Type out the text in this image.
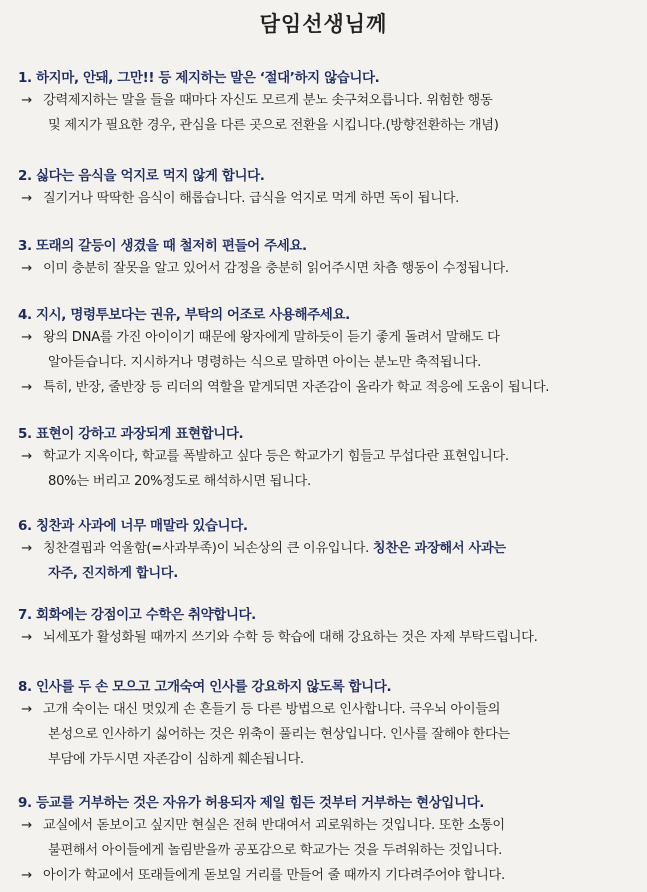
담임선생님께
1. 하지마, 안돼, 그만!! 등 제지하는 말은 ‘절대’하지 않습니다.
→ 강력제지하는 말을 들을 때마다 자신도 모르게 분노 솟구쳐오릅니다. 위험한 행동
및 제지가 필요한 경우, 관심을 다른 곳으로 전환을 시킵니다.(방향전환하는 개념)
2. 싫다는 음식을 억지로 먹지 않게 합니다.
→ 질기거나 딱딱한 음식이 해롭습니다. 급식을 억지로 먹게 하면 독이 됩니다.
3. 또래의 갈등이 생겼을 때 철저히 편들어 주세요.
→ 이미 충분히 잘못을 알고 있어서 감정을 충분히 읽어주시면 차츰 행동이 수정됩니다.
4. 지시, 명령투보다는 권유, 부탁의 어조로 사용해주세요.
→ 왕의 DNA를 가진 아이이기 때문에 왕자에게 말하듯이 듣기 좋게 돌려서 말해도 다
알아듣습니다. 지시하거나 명령하는 식으로 말하면 아이는 분노만 축적됩니다.
→ 특히, 반장, 줄반장 등 리더의 역할을 맡게되면 자존감이 올라가 학교 적응에 도움이 됩니다.
5. 표현이 강하고 과장되게 표현합니다.
→ 학교가 지옥이다, 학교를 폭발하고 싶다 등은 학교가기 힘들고 무섭다란 표현입니다.
80%는 버리고 20%정도로 해석하시면 됩니다.
6. 칭찬과 사과에 너무 매말라 있습니다.
→ 칭찬결핍과 억울함(=사과부족)이 뇌손상의 큰 이유입니다. 칭찬은 과장해서 사과는
자주, 진지하게 합니다.
7. 회화에는 강점이고 수학은 취약합니다.
→ 뇌세포가 활성화될 때까지 쓰기와 수학 등 학습에 대해 강요하는 것은 자제 부탁드립니다.
8. 인사를 두 손 모으고 고개숙여 인사를 강요하지 않도록 합니다.
→ 고개 숙이는 대신 멋있게 손 흔들기 등 다른 방법으로 인사합니다. 극우뇌 아이들의
본성으로 인사하기 싫어하는 것은 위축이 풀리는 현상입니다. 인사를 잘해야 한다는
부담에 가두시면 자존감이 심하게 훼손됩니다.
9. 등교를 거부하는 것은 자유가 허용되자 제일 힘든 것부터 거부하는 현상입니다.
→ 교실에서 돋보이고 싶지만 현실은 전혀 반대여서 괴로워하는 것입니다. 또한 소통이
불편해서 아이들에게 놀림받을까 공포감으로 학교가는 것을 두려워하는 것입니다.
→ 아이가 학교에서 또래들에게 돋보일 거리를 만들어 줄 때까지 기다려주어야 합니다.
